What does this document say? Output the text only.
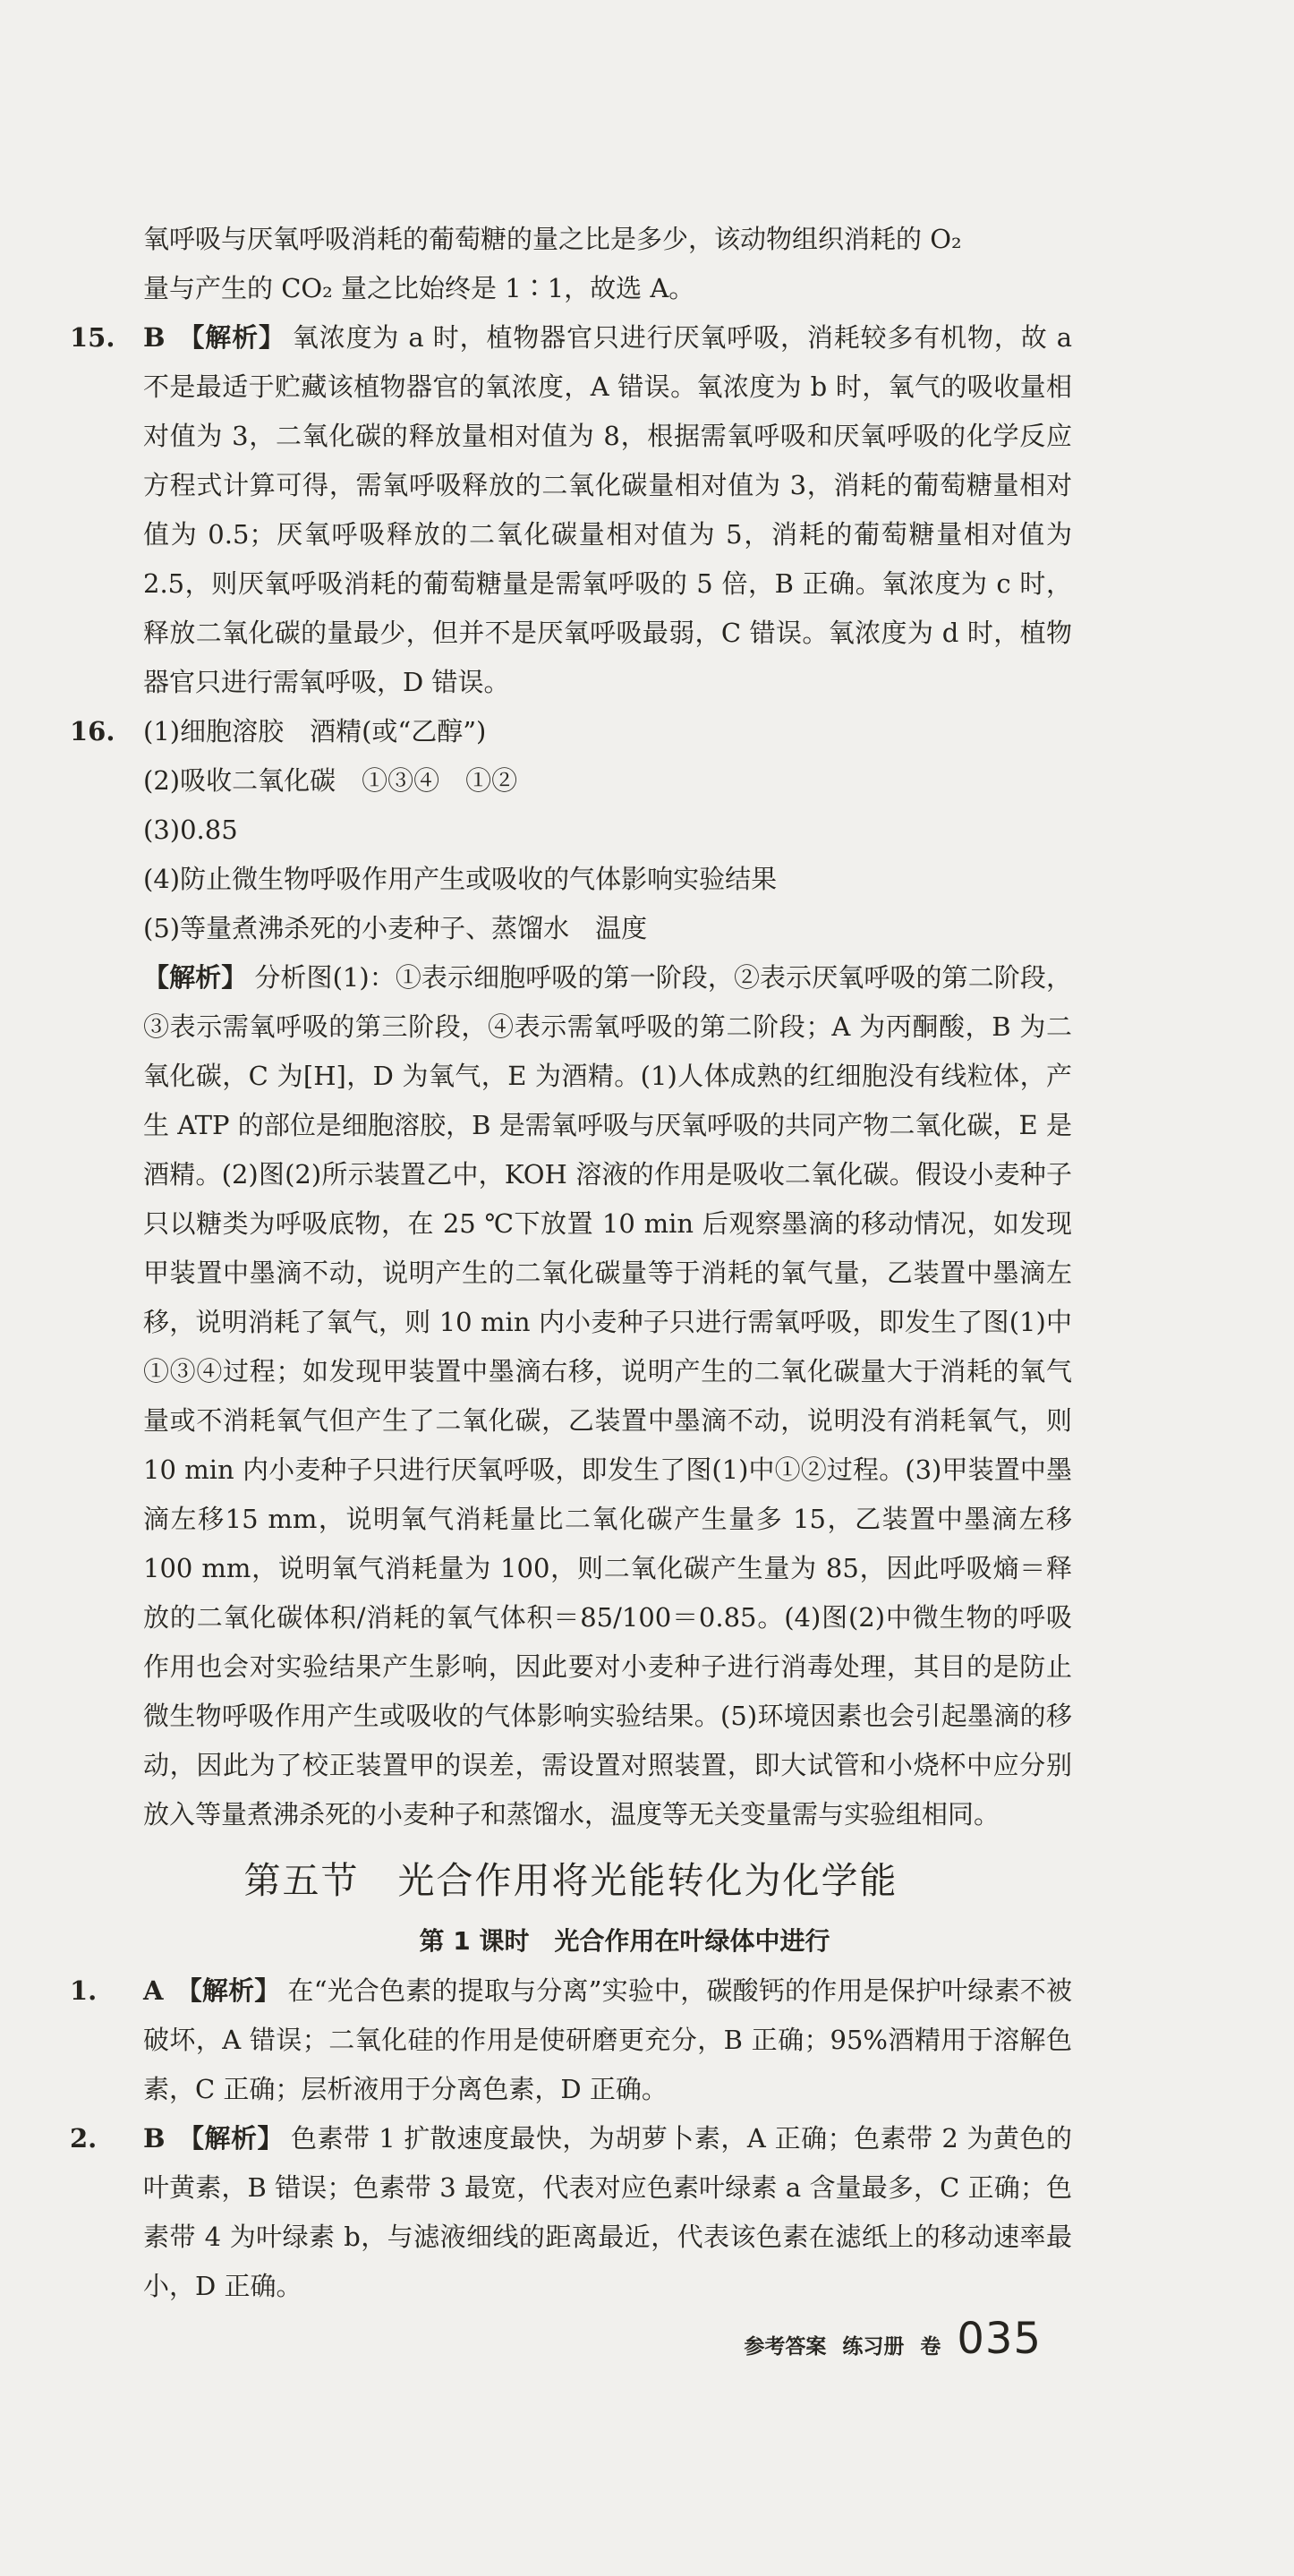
氧呼吸与厌氧呼吸消耗的葡萄糖的量之比是多少，该动物组织消耗的 O₂

量与产生的 CO₂ 量之比始终是 1∶1，故选 A。

15.	B 【解析】 氧浓度为 a 时，植物器官只进行厌氧呼吸，消耗较多有机物，故 a 不是最适于贮藏该植物器官的氧浓度，A 错误。氧浓度为 b 时，氧气的吸收量相对值为 3，二氧化碳的释放量相对值为 8，根据需氧呼吸和厌氧呼吸的化学反应方程式计算可得，需氧呼吸释放的二氧化碳量相对值为 3，消耗的葡萄糖量相对值为 0.5；厌氧呼吸释放的二氧化碳量相对值为 5，消耗的葡萄糖量相对值为 2.5，则厌氧呼吸消耗的葡萄糖量是需氧呼吸的 5 倍，B 正确。氧浓度为 c 时，释放二氧化碳的量最少，但并不是厌氧呼吸最弱，C 错误。氧浓度为 d 时，植物器官只进行需氧呼吸，D 错误。
16.	(1)细胞溶胶　酒精(或“乙醇”)
(2)吸收二氧化碳　①③④　①②
(3)0.85
(4)防止微生物呼吸作用产生或吸收的气体影响实验结果
(5)等量煮沸杀死的小麦种子、蒸馏水　温度
【解析】 分析图(1)：①表示细胞呼吸的第一阶段，②表示厌氧呼吸的第二阶段，③表示需氧呼吸的第三阶段，④表示需氧呼吸的第二阶段；A 为丙酮酸，B 为二氧化碳，C 为[H]，D 为氧气，E 为酒精。(1)人体成熟的红细胞没有线粒体，产生 ATP 的部位是细胞溶胶，B 是需氧呼吸与厌氧呼吸的共同产物二氧化碳，E 是酒精。(2)图(2)所示装置乙中，KOH 溶液的作用是吸收二氧化碳。假设小麦种子只以糖类为呼吸底物，在 25 ℃下放置 10 min 后观察墨滴的移动情况，如发现甲装置中墨滴不动，说明产生的二氧化碳量等于消耗的氧气量，乙装置中墨滴左移，说明消耗了氧气，则 10 min 内小麦种子只进行需氧呼吸，即发生了图(1)中①③④过程；如发现甲装置中墨滴右移，说明产生的二氧化碳量大于消耗的氧气量或不消耗氧气但产生了二氧化碳，乙装置中墨滴不动，说明没有消耗氧气，则 10 min 内小麦种子只进行厌氧呼吸，即发生了图(1)中①②过程。(3)甲装置中墨滴左移15 mm，说明氧气消耗量比二氧化碳产生量多 15，乙装置中墨滴左移 100 mm，说明氧气消耗量为 100，则二氧化碳产生量为 85，因此呼吸熵＝释放的二氧化碳体积/消耗的氧气体积＝85/100＝0.85。(4)图(2)中微生物的呼吸作用也会对实验结果产生影响，因此要对小麦种子进行消毒处理，其目的是防止微生物呼吸作用产生或吸收的气体影响实验结果。(5)环境因素也会引起墨滴的移动，因此为了校正装置甲的误差，需设置对照装置，即大试管和小烧杯中应分别放入等量煮沸杀死的小麦种子和蒸馏水，温度等无关变量需与实验组相同。
第五节　光合作用将光能转化为化学能
第 1 课时　光合作用在叶绿体中进行
1.	A 【解析】 在“光合色素的提取与分离”实验中，碳酸钙的作用是保护叶绿素不被破坏，A 错误；二氧化硅的作用是使研磨更充分，B 正确；95%酒精用于溶解色素，C 正确；层析液用于分离色素，D 正确。
2.	B 【解析】 色素带 1 扩散速度最快，为胡萝卜素，A 正确；色素带 2 为黄色的叶黄素，B 错误；色素带 3 最宽，代表对应色素叶绿素 a 含量最多，C 正确；色素带 4 为叶绿素 b，与滤液细线的距离最近，代表该色素在滤纸上的移动速率最小，D 正确。
参考答案 练习册 卷 035
